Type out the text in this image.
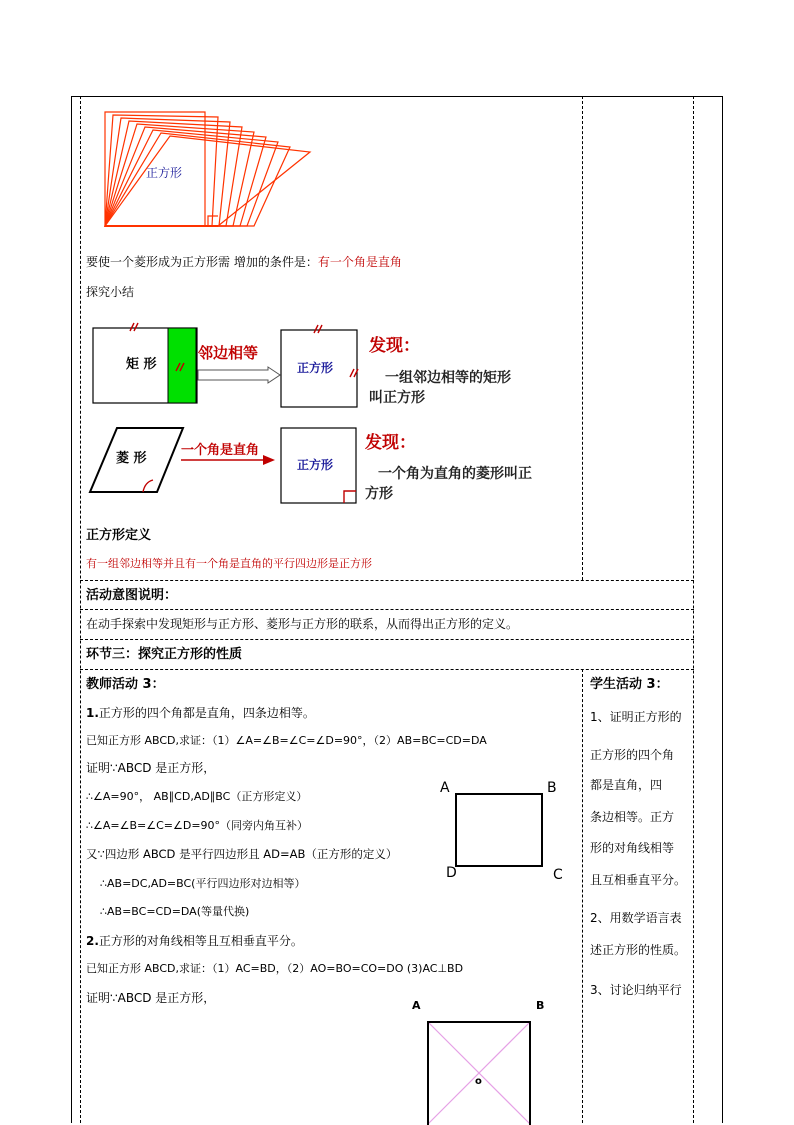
正方形
要使一个菱形成为正方形需 增加的条件是：有一个角是直角
探究小结
矩 形
邻边相等
正方形
发现：
一组邻边相等的矩形
叫正方形
菱 形
一个角是直角
正方形
发现：
一个角为直角的菱形叫正
方形
正方形定义
有一组邻边相等并且有一个角是直角的平行四边形是正方形
活动意图说明：
在动手探索中发现矩形与正方形、菱形与正方形的联系，从而得出正方形的定义。
环节三：探究正方形的性质
教师活动 3：
1.正方形的四个角都是直角，四条边相等。
已知正方形 ABCD,求证：（1）∠A=∠B=∠C=∠D=90°，（2）AB=BC=CD=DA
证明∵ABCD 是正方形，
∴∠A=90°， AB∥CD,AD∥BC（正方形定义）
∴∠A=∠B=∠C=∠D=90°（同旁内角互补）
又∵四边形 ABCD 是平行四边形且 AD=AB（正方形的定义）
∴AB=DC,AD=BC(平行四边形对边相等）
∴AB=BC=CD=DA(等量代换)
2.正方形的对角线相等且互相垂直平分。
已知正方形 ABCD,求证：（1）AC=BD，（2）AO=BO=CO=DO (3)AC⊥BD
证明∵ABCD 是正方形，
A	B
C
D
A	B
o
学生活动 3：
1、证明正方形的
正方形的四个角
都是直角，四
条边相等。正方
形的对角线相等
且互相垂直平分。
2、用数学语言表
述正方形的性质。
3、讨论归纳平行
